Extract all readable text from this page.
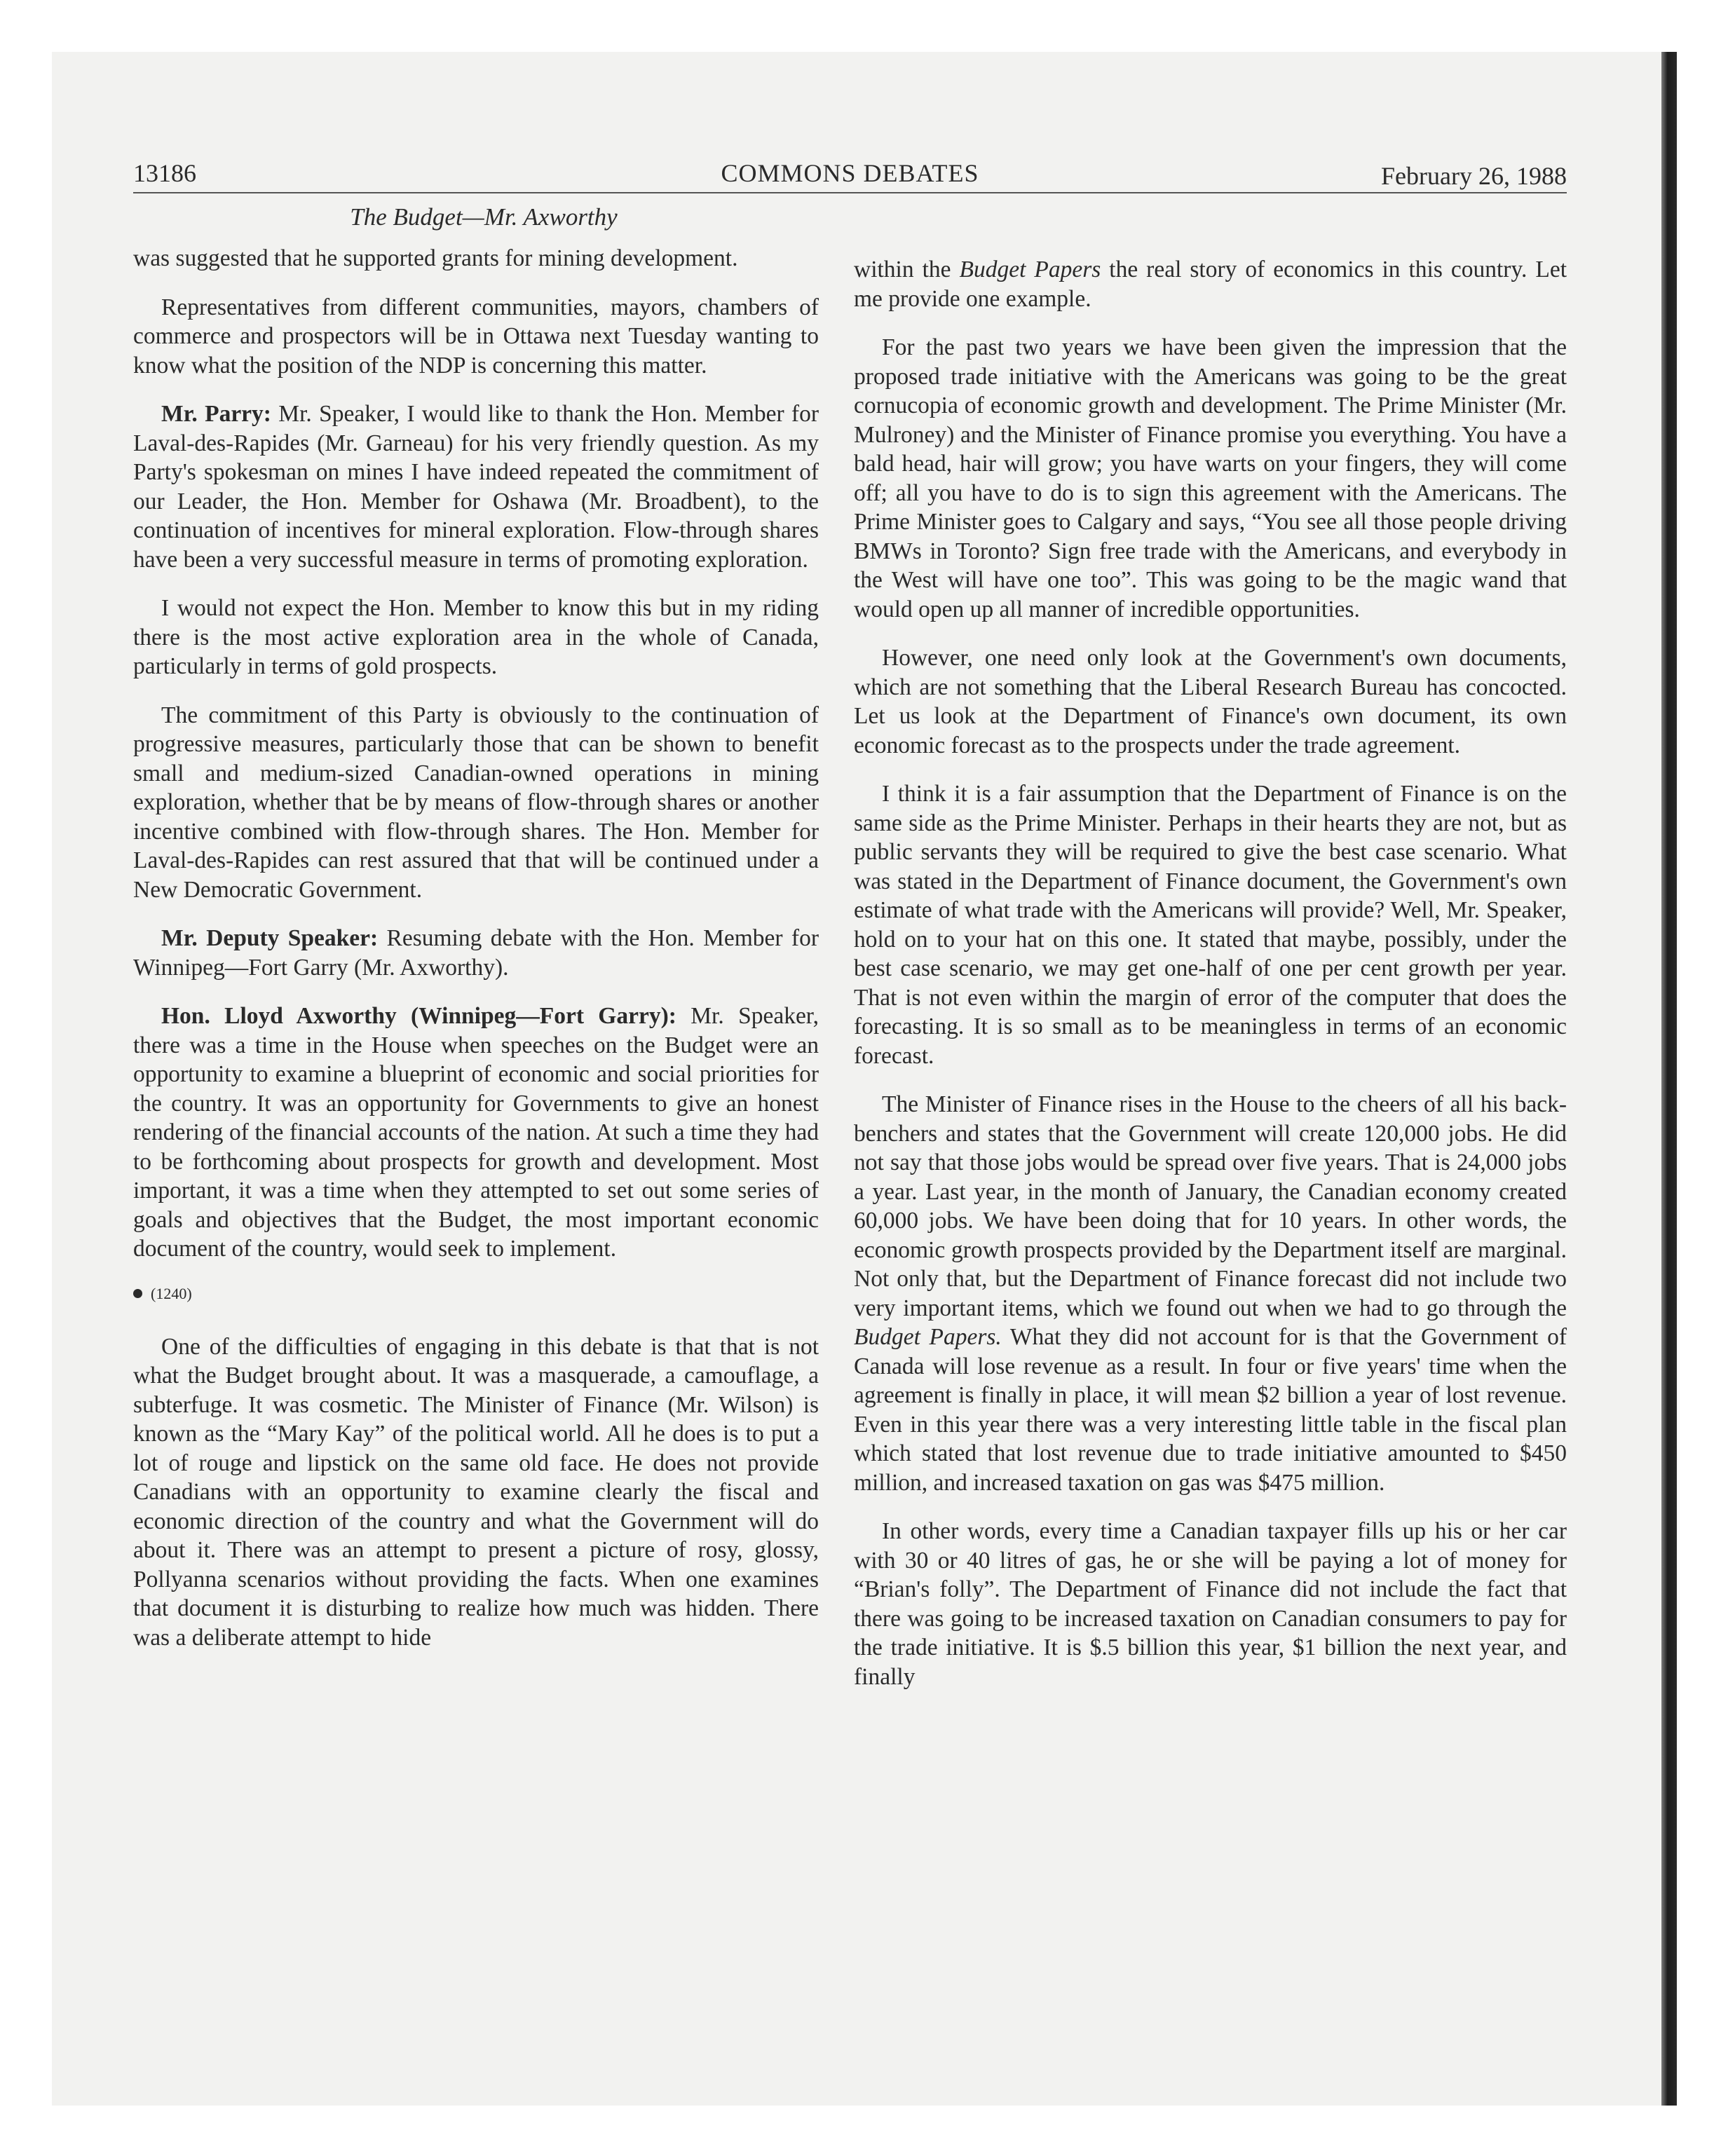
13186	COMMONS DEBATES	February 26, 1988
The Budget—Mr. Axworthy

was suggested that he supported grants for mining development.

Representatives from different communities, mayors, chambers of commerce and prospectors will be in Ottawa next Tuesday wanting to know what the position of the NDP is concerning this matter.

Mr. Parry: Mr. Speaker, I would like to thank the Hon. Member for Laval-des-Rapides (Mr. Garneau) for his very friendly question. As my Party's spokesman on mines I have indeed repeated the commitment of our Leader, the Hon. Member for Oshawa (Mr. Broadbent), to the continuation of incentives for mineral exploration. Flow-through shares have been a very successful measure in terms of promoting exploration.

I would not expect the Hon. Member to know this but in my riding there is the most active exploration area in the whole of Canada, particularly in terms of gold prospects.

The commitment of this Party is obviously to the continuation of progressive measures, particularly those that can be shown to benefit small and medium-sized Canadian-owned operations in mining exploration, whether that be by means of flow-through shares or another incentive combined with flow-through shares. The Hon. Member for Laval-des-Rapides can rest assured that that will be continued under a New Democratic Government.

Mr. Deputy Speaker: Resuming debate with the Hon. Member for Winnipeg—Fort Garry (Mr. Axworthy).

Hon. Lloyd Axworthy (Winnipeg—Fort Garry): Mr. Speaker, there was a time in the House when speeches on the Budget were an opportunity to examine a blueprint of economic and social priorities for the country. It was an opportunity for Governments to give an honest rendering of the financial accounts of the nation. At such a time they had to be forthcoming about prospects for growth and development. Most important, it was a time when they attempted to set out some series of goals and objectives that the Budget, the most important economic document of the country, would seek to implement.

(1240)

One of the difficulties of engaging in this debate is that that is not what the Budget brought about. It was a masquerade, a camouflage, a subterfuge. It was cosmetic. The Minister of Finance (Mr. Wilson) is known as the “Mary Kay” of the political world. All he does is to put a lot of rouge and lipstick on the same old face. He does not provide Canadians with an opportunity to examine clearly the fiscal and economic direction of the country and what the Government will do about it. There was an attempt to present a picture of rosy, glossy, Pollyanna scenarios without providing the facts. When one examines that document it is disturbing to realize how much was hidden. There was a deliberate attempt to hide

within the Budget Papers the real story of economics in this country. Let me provide one example.

For the past two years we have been given the impression that the proposed trade initiative with the Americans was going to be the great cornucopia of economic growth and development. The Prime Minister (Mr. Mulroney) and the Minister of Finance promise you everything. You have a bald head, hair will grow; you have warts on your fingers, they will come off; all you have to do is to sign this agreement with the Americans. The Prime Minister goes to Calgary and says, “You see all those people driving BMWs in Toronto? Sign free trade with the Americans, and everybody in the West will have one too”. This was going to be the magic wand that would open up all manner of incredible opportunities.

However, one need only look at the Government's own documents, which are not something that the Liberal Research Bureau has concocted. Let us look at the Department of Finance's own document, its own economic forecast as to the prospects under the trade agreement.

I think it is a fair assumption that the Department of Finance is on the same side as the Prime Minister. Perhaps in their hearts they are not, but as public servants they will be required to give the best case scenario. What was stated in the Department of Finance document, the Government's own estimate of what trade with the Americans will provide? Well, Mr. Speaker, hold on to your hat on this one. It stated that maybe, possibly, under the best case scenario, we may get one-half of one per cent growth per year. That is not even within the margin of error of the computer that does the forecasting. It is so small as to be meaningless in terms of an economic forecast.

The Minister of Finance rises in the House to the cheers of all his back-benchers and states that the Government will create 120,000 jobs. He did not say that those jobs would be spread over five years. That is 24,000 jobs a year. Last year, in the month of January, the Canadian economy created 60,000 jobs. We have been doing that for 10 years. In other words, the economic growth prospects provided by the Department itself are marginal. Not only that, but the Department of Finance forecast did not include two very important items, which we found out when we had to go through the Budget Papers. What they did not account for is that the Government of Canada will lose revenue as a result. In four or five years' time when the agreement is finally in place, it will mean $2 billion a year of lost revenue. Even in this year there was a very interesting little table in the fiscal plan which stated that lost revenue due to trade initiative amounted to $450 million, and increased taxation on gas was $475 million.

In other words, every time a Canadian taxpayer fills up his or her car with 30 or 40 litres of gas, he or she will be paying a lot of money for “Brian's folly”. The Department of Finance did not include the fact that there was going to be increased taxation on Canadian consumers to pay for the trade initiative. It is $.5 billion this year, $1 billion the next year, and finally
